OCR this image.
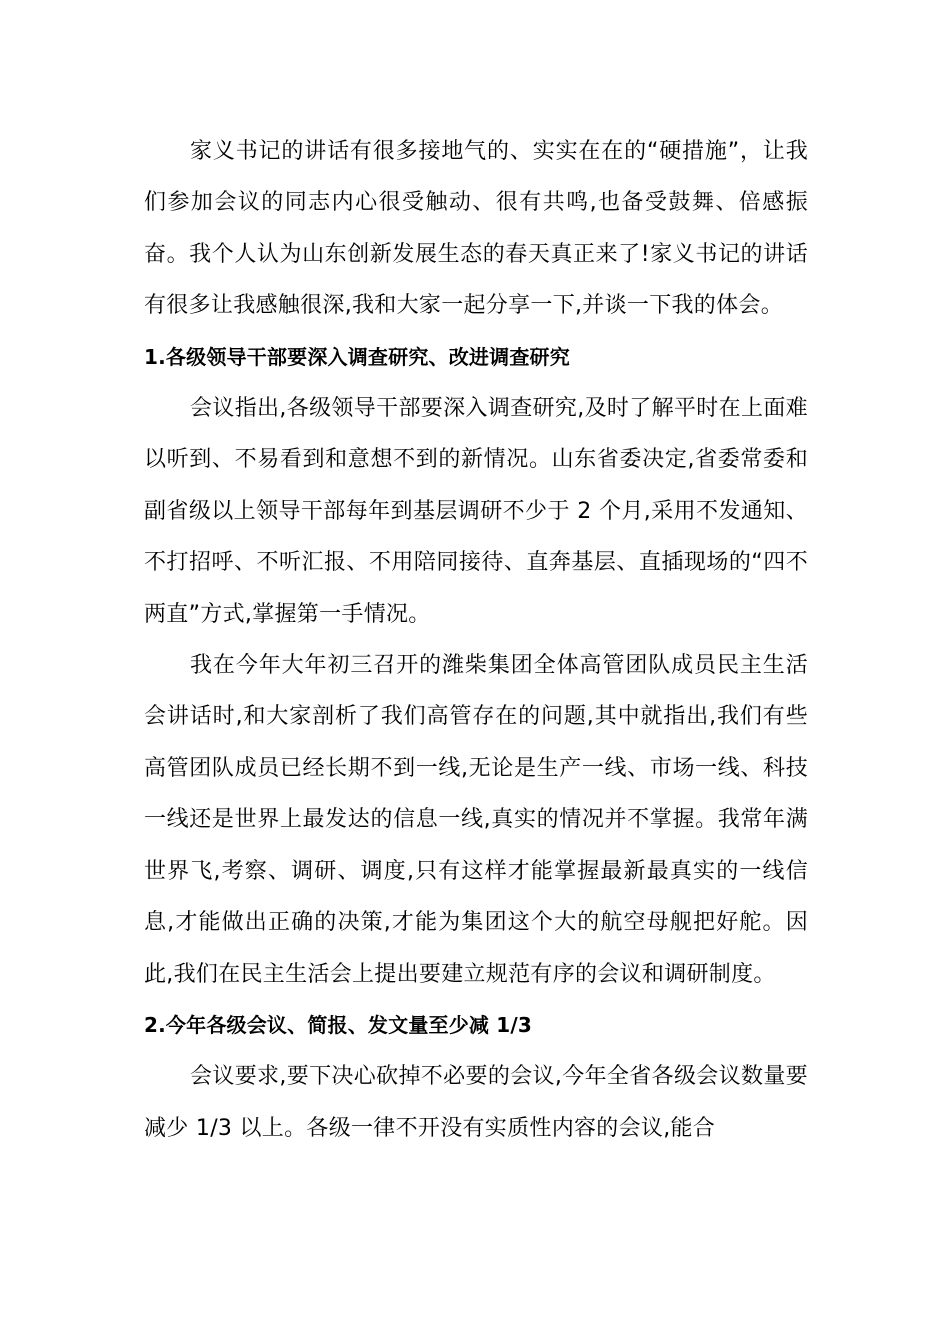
家义书记的讲话有很多接地气的、实实在在的“硬措施”，让我们参加会议的同志内心很受触动、很有共鸣,也备受鼓舞、倍感振奋。我个人认为山东创新发展生态的春天真正来了!家义书记的讲话有很多让我感触很深,我和大家一起分享一下,并谈一下我的体会。

1.各级领导干部要深入调查研究、改进调查研究

会议指出,各级领导干部要深入调查研究,及时了解平时在上面难以听到、不易看到和意想不到的新情况。山东省委决定,省委常委和副省级以上领导干部每年到基层调研不少于 2 个月,采用不发通知、不打招呼、不听汇报、不用陪同接待、直奔基层、直插现场的“四不两直”方式,掌握第一手情况。

我在今年大年初三召开的潍柴集团全体高管团队成员民主生活会讲话时,和大家剖析了我们高管存在的问题,其中就指出,我们有些高管团队成员已经长期不到一线,无论是生产一线、市场一线、科技一线还是世界上最发达的信息一线,真实的情况并不掌握。我常年满世界飞,考察、调研、调度,只有这样才能掌握最新最真实的一线信息,才能做出正确的决策,才能为集团这个大的航空母舰把好舵。因此,我们在民主生活会上提出要建立规范有序的会议和调研制度。

2.今年各级会议、简报、发文量至少减 1/3

会议要求,要下决心砍掉不必要的会议,今年全省各级会议数量要减少 1/3 以上。各级一律不开没有实质性内容的会议,能合
